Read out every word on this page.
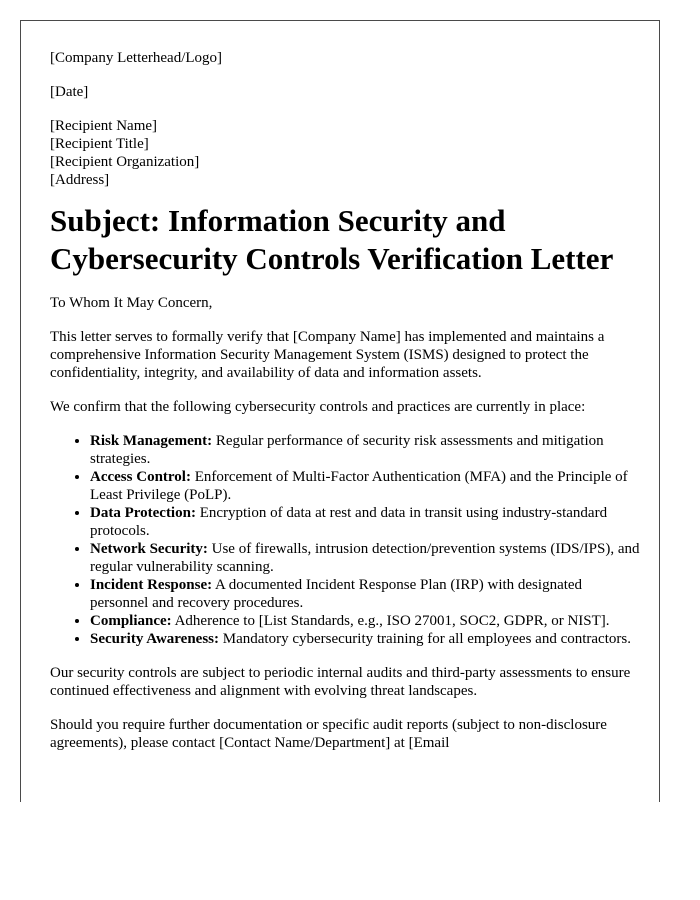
[Company Letterhead/Logo]

[Date]

[Recipient Name]
[Recipient Title]
[Recipient Organization]
[Address]

Subject: Information Security and Cybersecurity Controls Verification Letter

To Whom It May Concern,

This letter serves to formally verify that [Company Name] has implemented and maintains a comprehensive Information Security Management System (ISMS) designed to protect the confidentiality, integrity, and availability of data and information assets.

We confirm that the following cybersecurity controls and practices are currently in place:

• Risk Management: Regular performance of security risk assessments and mitigation strategies.
• Access Control: Enforcement of Multi-Factor Authentication (MFA) and the Principle of Least Privilege (PoLP).
• Data Protection: Encryption of data at rest and data in transit using industry-standard protocols.
• Network Security: Use of firewalls, intrusion detection/prevention systems (IDS/IPS), and regular vulnerability scanning.
• Incident Response: A documented Incident Response Plan (IRP) with designated personnel and recovery procedures.
• Compliance: Adherence to [List Standards, e.g., ISO 27001, SOC2, GDPR, or NIST].
• Security Awareness: Mandatory cybersecurity training for all employees and contractors.

Our security controls are subject to periodic internal audits and third-party assessments to ensure continued effectiveness and alignment with evolving threat landscapes.

Should you require further documentation or specific audit reports (subject to non-disclosure agreements), please contact [Contact Name/Department] at [Email
